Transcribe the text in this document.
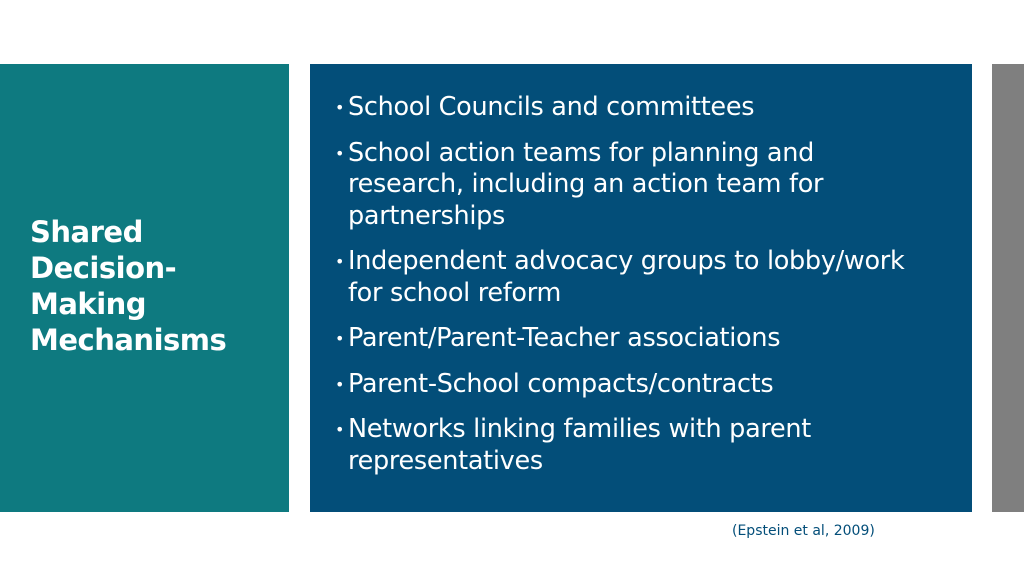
Shared Decision-Making Mechanisms
• School Councils and committees
• School action teams for planning and research, including an action team for partnerships
• Independent advocacy groups to lobby/work for school reform
• Parent/Parent-Teacher associations
• Parent-School compacts/contracts
• Networks linking families with parent representatives
(Epstein et al, 2009)
